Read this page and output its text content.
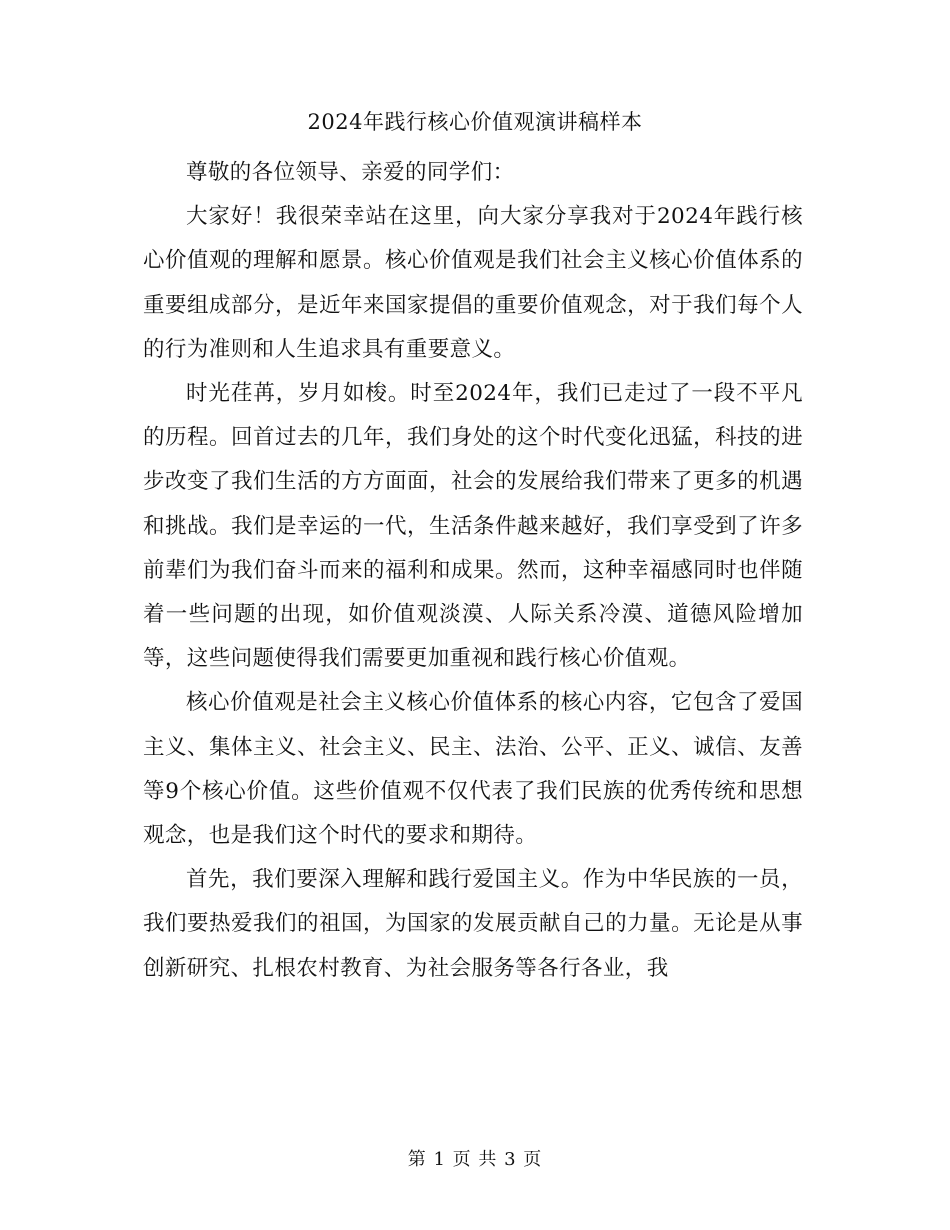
2024年践行核心价值观演讲稿样本

尊敬的各位领导、亲爱的同学们：

大家好！我很荣幸站在这里，向大家分享我对于2024年践行核心价值观的理解和愿景。核心价值观是我们社会主义核心价值体系的重要组成部分，是近年来国家提倡的重要价值观念，对于我们每个人的行为准则和人生追求具有重要意义。

时光荏苒，岁月如梭。时至2024年，我们已走过了一段不平凡的历程。回首过去的几年，我们身处的这个时代变化迅猛，科技的进步改变了我们生活的方方面面，社会的发展给我们带来了更多的机遇和挑战。我们是幸运的一代，生活条件越来越好，我们享受到了许多前辈们为我们奋斗而来的福利和成果。然而，这种幸福感同时也伴随着一些问题的出现，如价值观淡漠、人际关系冷漠、道德风险增加等，这些问题使得我们需要更加重视和践行核心价值观。

核心价值观是社会主义核心价值体系的核心内容，它包含了爱国主义、集体主义、社会主义、民主、法治、公平、正义、诚信、友善等9个核心价值。这些价值观不仅代表了我们民族的优秀传统和思想观念，也是我们这个时代的要求和期待。

首先，我们要深入理解和践行爱国主义。作为中华民族的一员，我们要热爱我们的祖国，为国家的发展贡献自己的力量。无论是从事创新研究、扎根农村教育、为社会服务等各行各业，我

第 1 页 共 3 页
